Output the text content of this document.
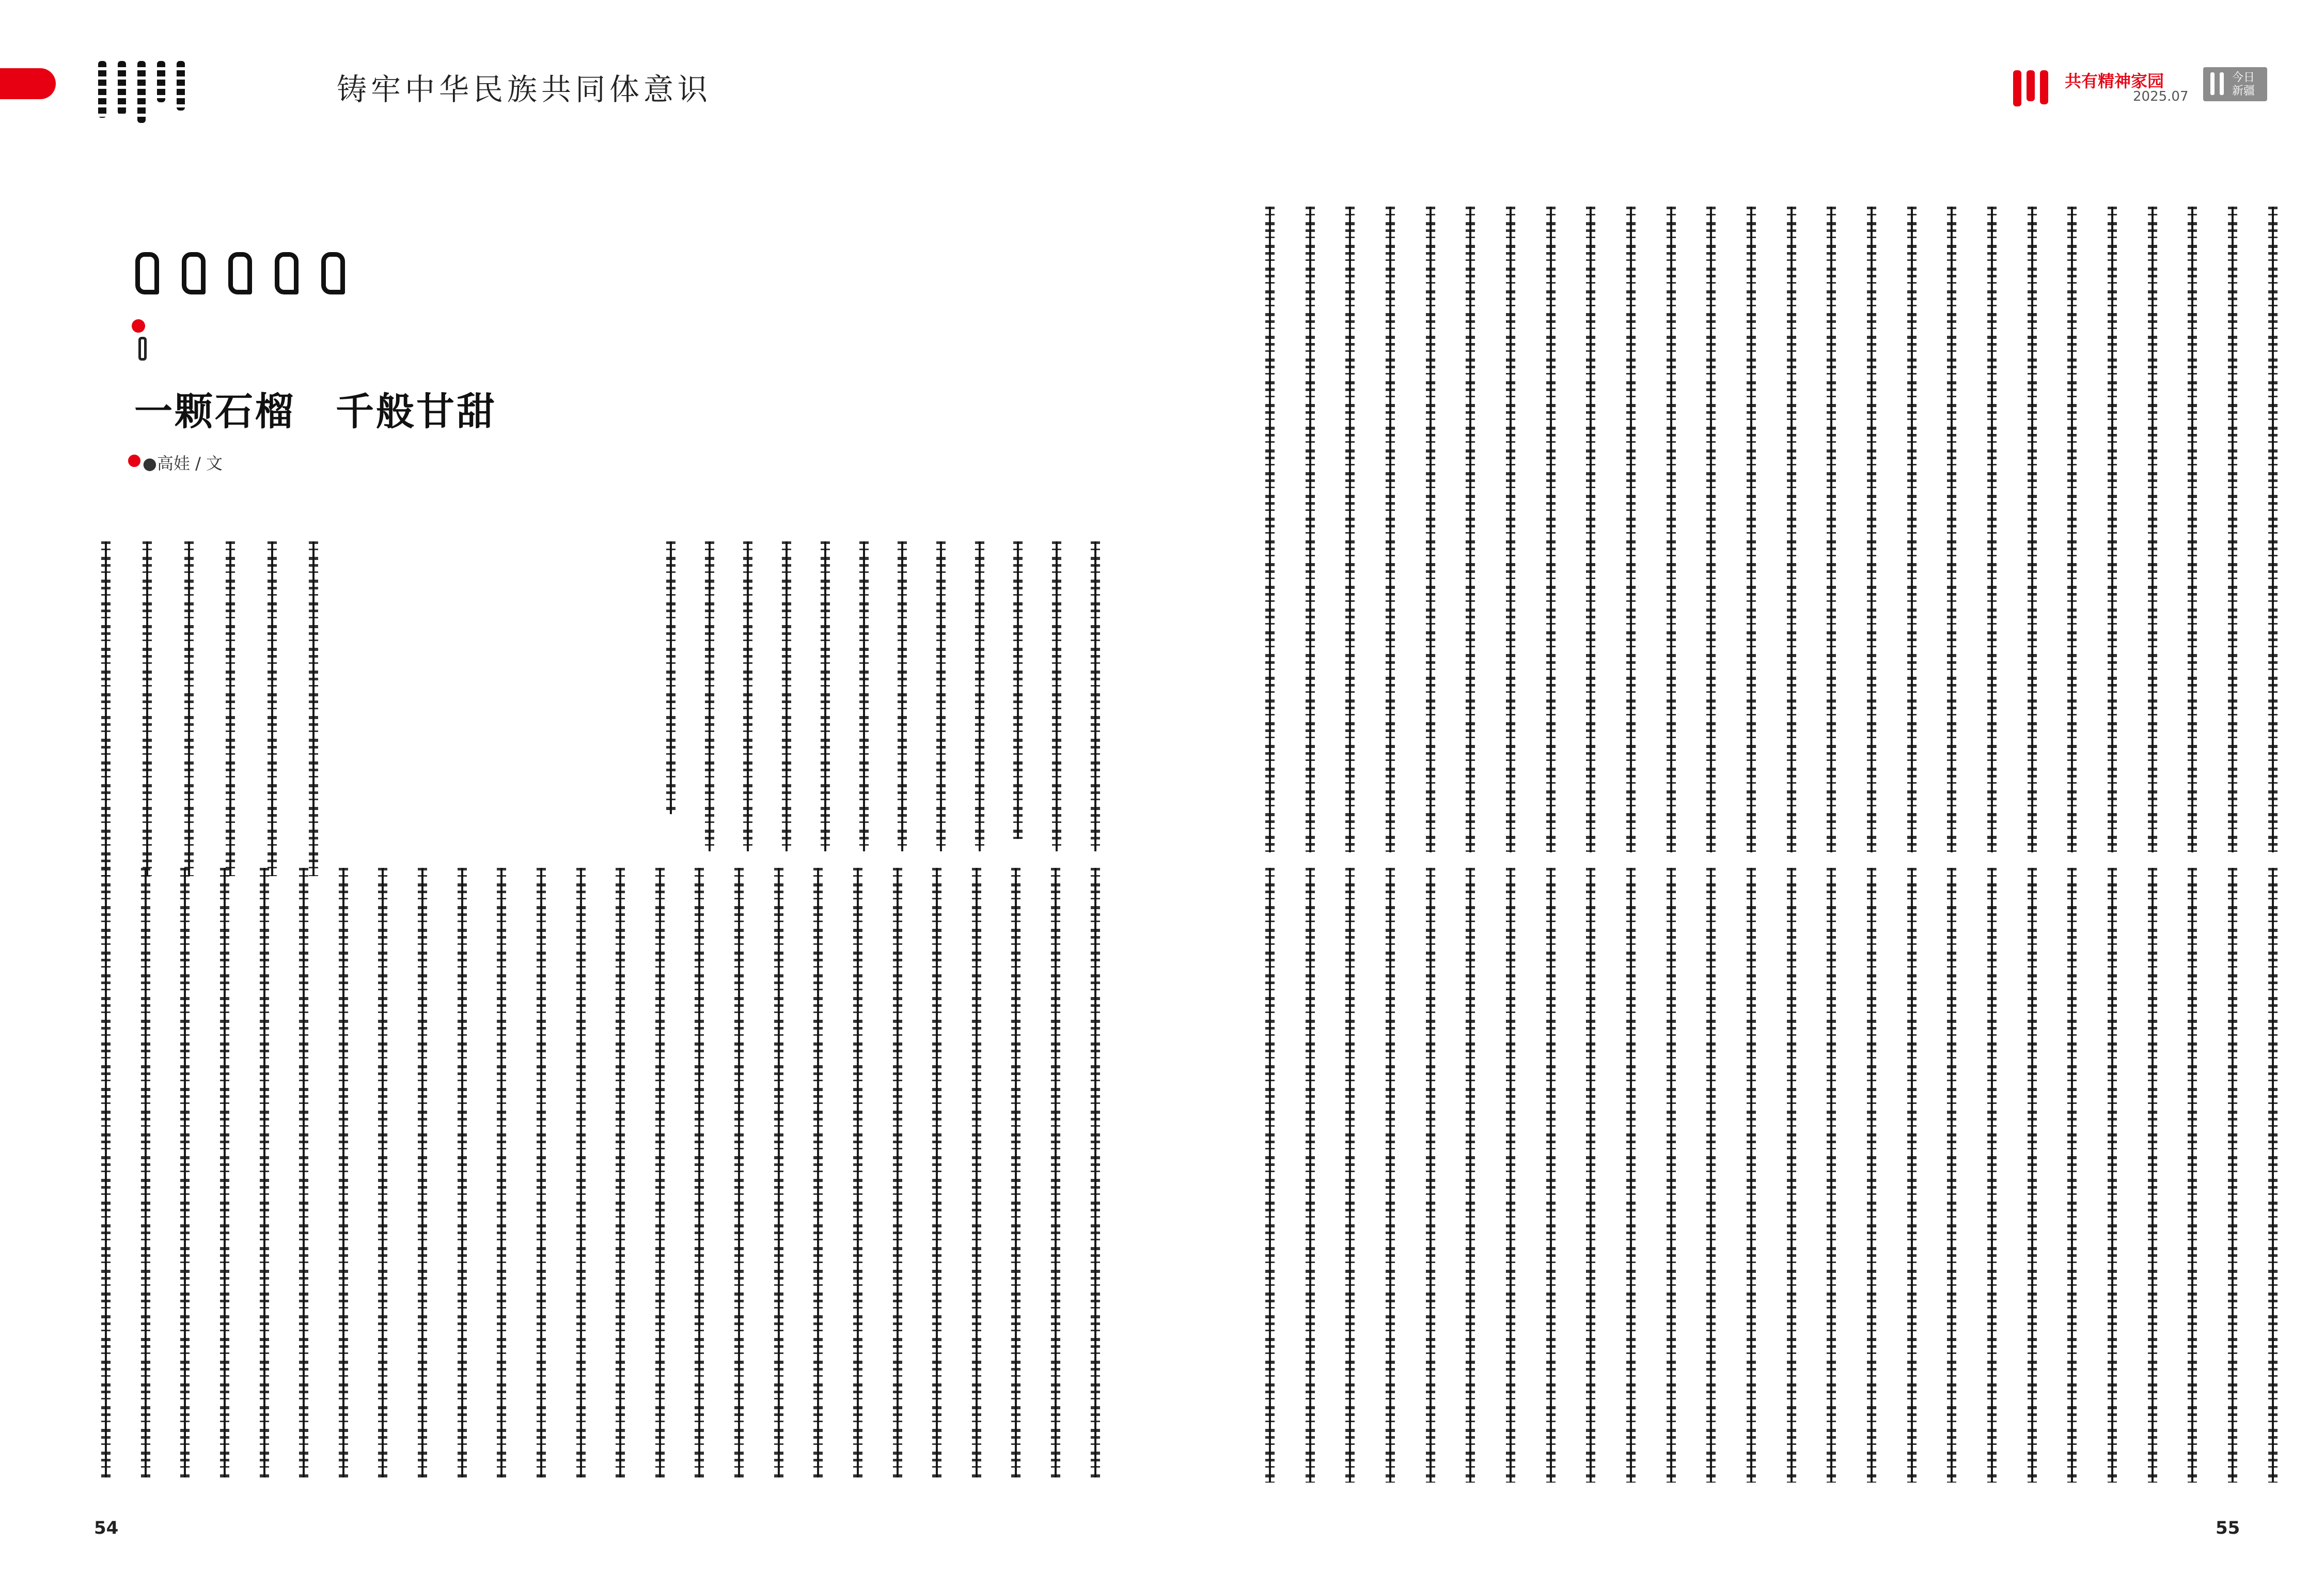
铸牢中华民族共同体意识
一颗石榴　千般甘甜
●高娃 / 文
54
共有精神家园
2025.07
今日
新疆
55
